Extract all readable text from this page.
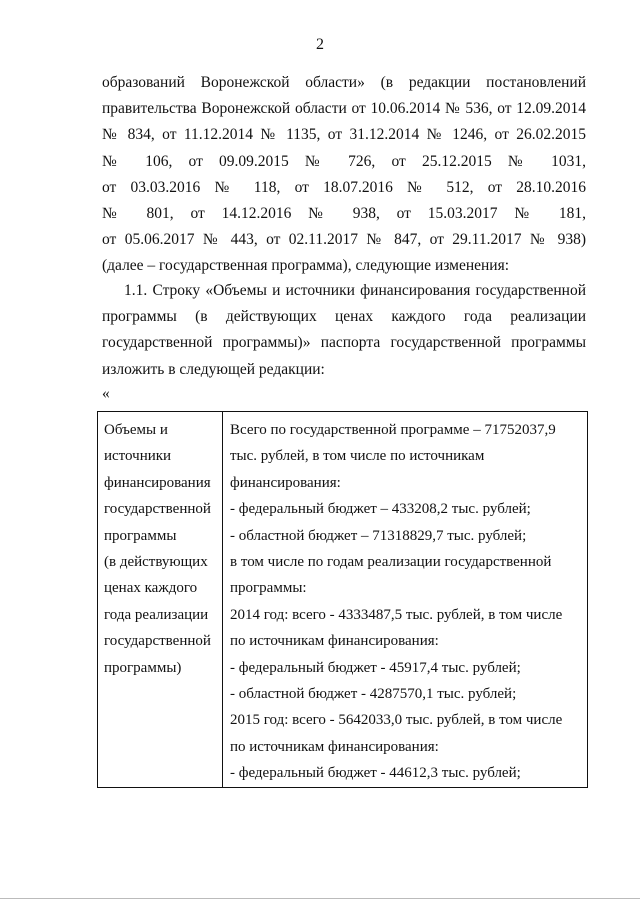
2
образований Воронежской области» (в редакции постановлений
правительства Воронежской области от 10.06.2014 № 536, от 12.09.2014
№ 834, от 11.12.2014 № 1135, от 31.12.2014 № 1246, от 26.02.2015
№ 106, от 09.09.2015 № 726, от 25.12.2015 № 1031,
от 03.03.2016 № 118, от 18.07.2016 № 512, от 28.10.2016
№ 801, от 14.12.2016 № 938, от 15.03.2017 № 181,
от 05.06.2017 № 443, от 02.11.2017 № 847, от 29.11.2017 № 938)
(далее – государственная программа), следующие изменения:
1.1. Строку «Объемы и источники финансирования государственной
программы (в действующих ценах каждого года реализации
государственной программы)» паспорта государственной программы
изложить в следующей редакции:
«
Объемы и
источники
финансирования
государственной
программы
(в действующих
ценах каждого
года реализации
государственной
программы)
Всего по государственной программе – 71752037,9
тыс. рублей, в том числе по источникам
финансирования:
- федеральный бюджет – 433208,2 тыс. рублей;
- областной бюджет – 71318829,7 тыс. рублей;
в том числе по годам реализации государственной
программы:
2014 год: всего - 4333487,5 тыс. рублей, в том числе
по источникам финансирования:
- федеральный бюджет - 45917,4 тыс. рублей;
- областной бюджет - 4287570,1 тыс. рублей;
2015 год: всего - 5642033,0 тыс. рублей, в том числе
по источникам финансирования:
- федеральный бюджет - 44612,3 тыс. рублей;
